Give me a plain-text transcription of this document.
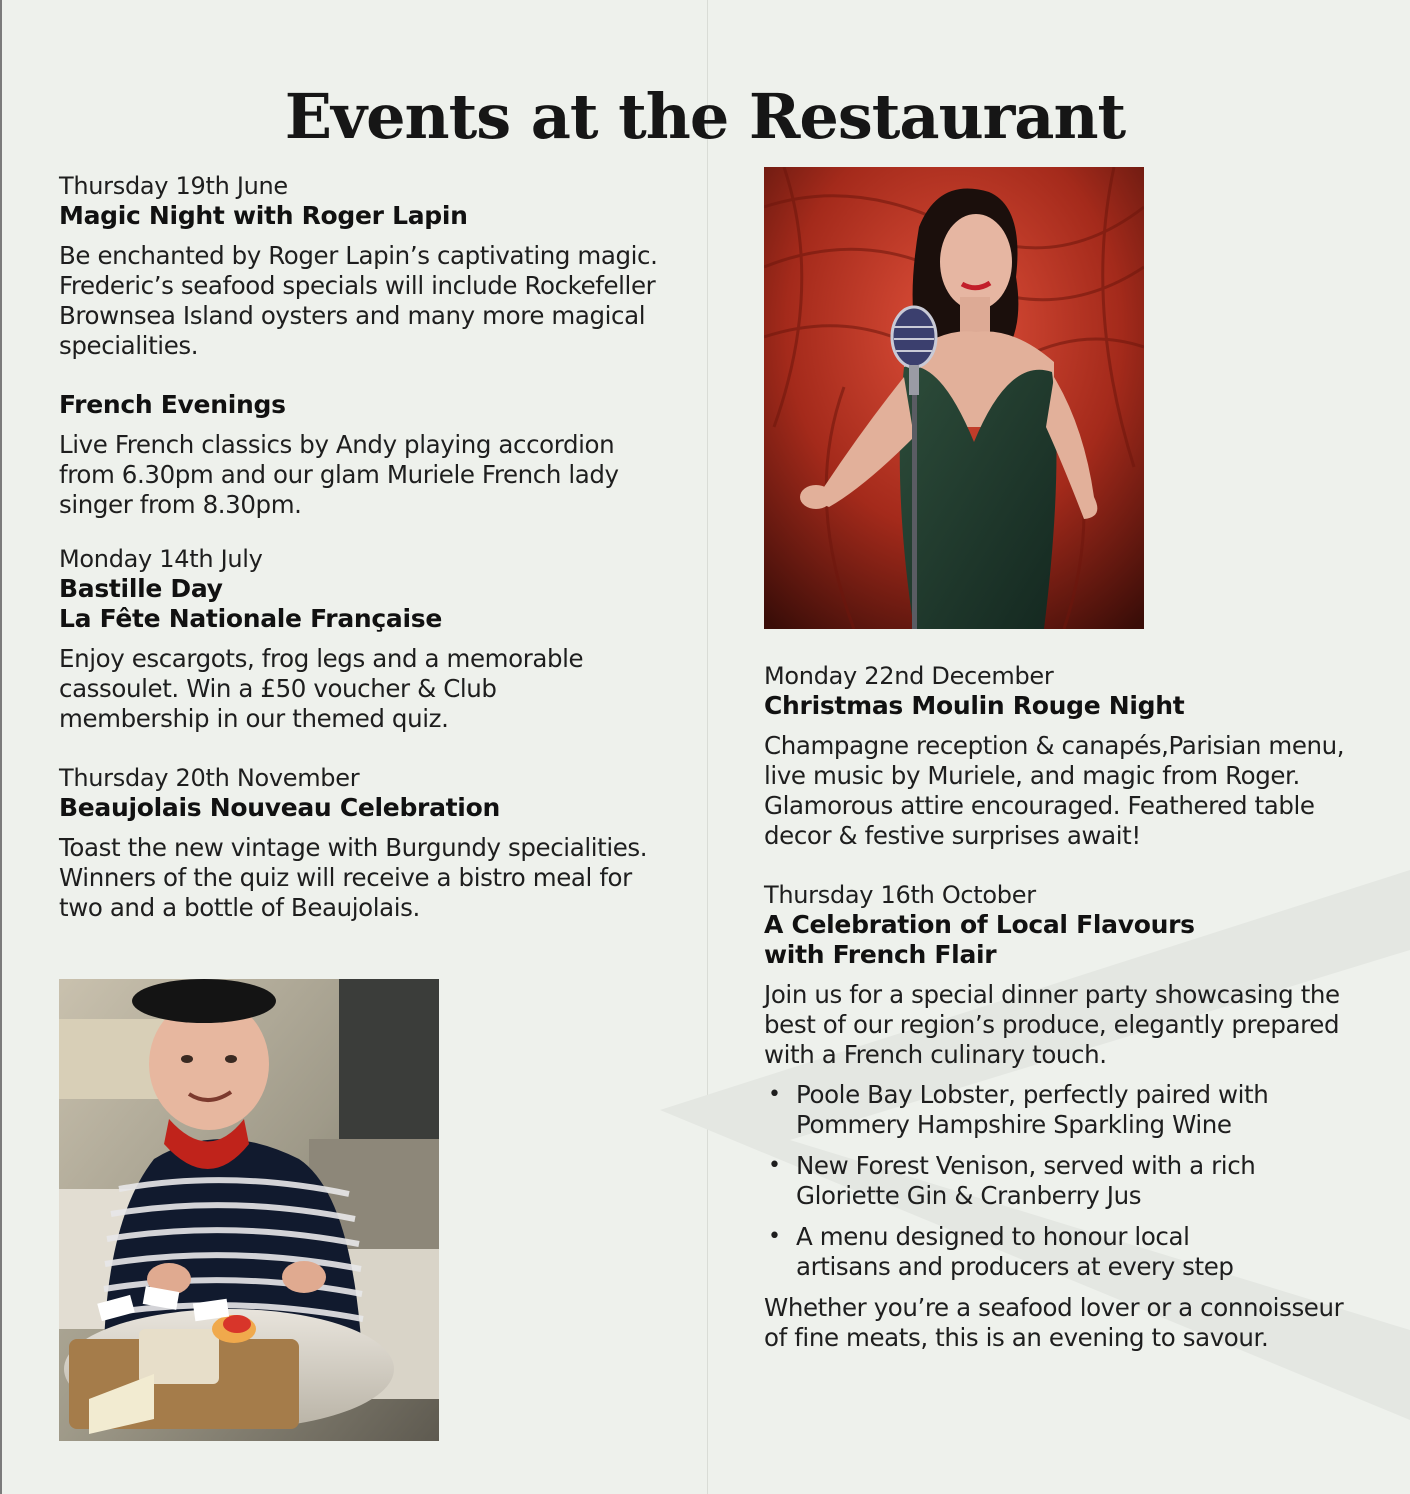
Events at the Restaurant
Thursday 19th June
Magic Night with Roger Lapin
Be enchanted by Roger Lapin’s captivating magic.
Frederic’s seafood specials will include Rockefeller
Brownsea Island oysters and many more magical
specialities.
French Evenings
Live French classics by Andy playing accordion
from 6.30pm and our glam Muriele French lady
singer from 8.30pm.
Monday 14th July
Bastille Day
La Fête Nationale Française
Enjoy escargots, frog legs and a memorable
cassoulet. Win a £50 voucher & Club
membership in our themed quiz.
Thursday 20th November
Beaujolais Nouveau Celebration
Toast the new vintage with Burgundy specialities.
Winners of the quiz will receive a bistro meal for
two and a bottle of Beaujolais.
Monday 22nd December
Christmas Moulin Rouge Night
Champagne reception & canapés,Parisian menu,
live music by Muriele, and magic from Roger.
Glamorous attire encouraged. Feathered table
decor & festive surprises await!
Thursday 16th October
A Celebration of Local Flavours
with French Flair
Join us for a special dinner party showcasing the
best of our region’s produce, elegantly prepared
with a French culinary touch.
• Poole Bay Lobster, perfectly paired with
Pommery Hampshire Sparkling Wine
• New Forest Venison, served with a rich
Gloriette Gin & Cranberry Jus
• A menu designed to honour local
artisans and producers at every step
Whether you’re a seafood lover or a connoisseur
of fine meats, this is an evening to savour.
